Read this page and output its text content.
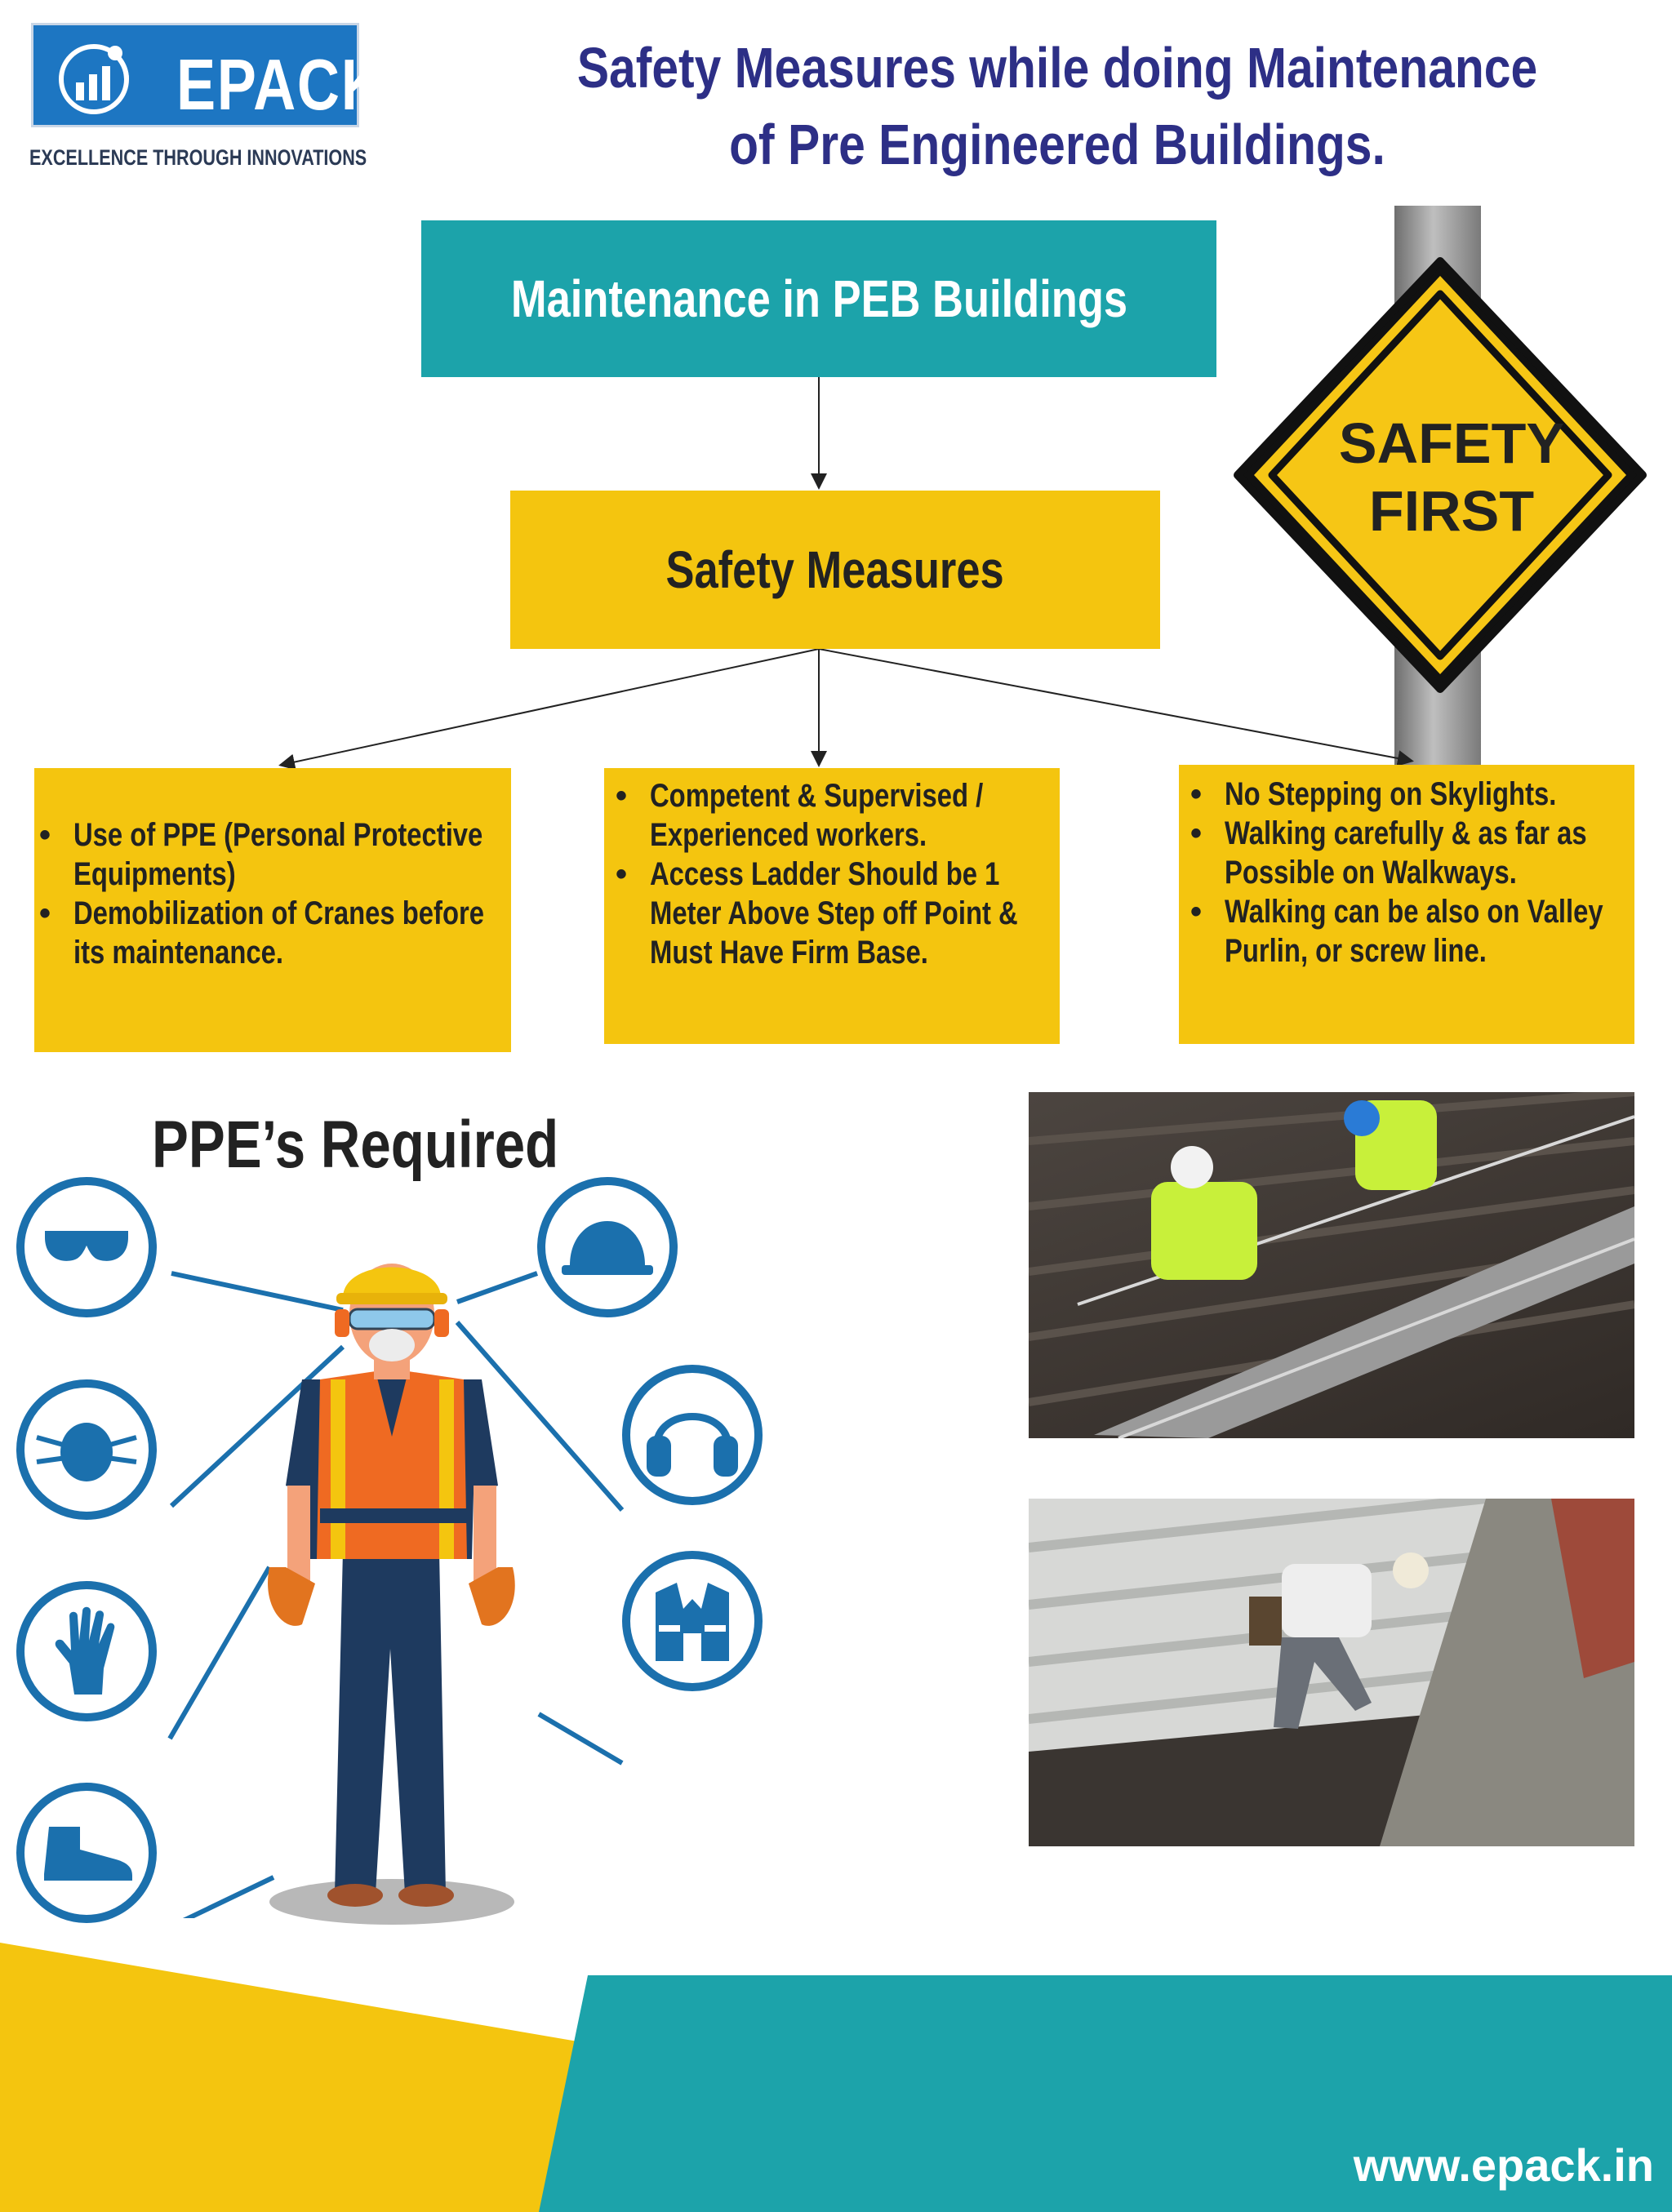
EPACK
EXCELLENCE THROUGH INNOVATIONS
Safety Measures while doing Maintenance
of Pre Engineered Buildings.
SAFETY
FIRST
Maintenance in PEB Buildings
Safety Measures
• Use of PPE (Personal Protective Equipments)
• Demobilization of Cranes before its maintenance.
• Competent & Supervised / Experienced workers.
• Access Ladder Should be 1 Meter Above Step off Point & Must Have Firm Base.
• No Stepping on Skylights.
• Walking carefully & as far as Possible on Walkways.
• Walking can be also on Valley Purlin, or screw line.
PPE’s Required
www.epack.in
